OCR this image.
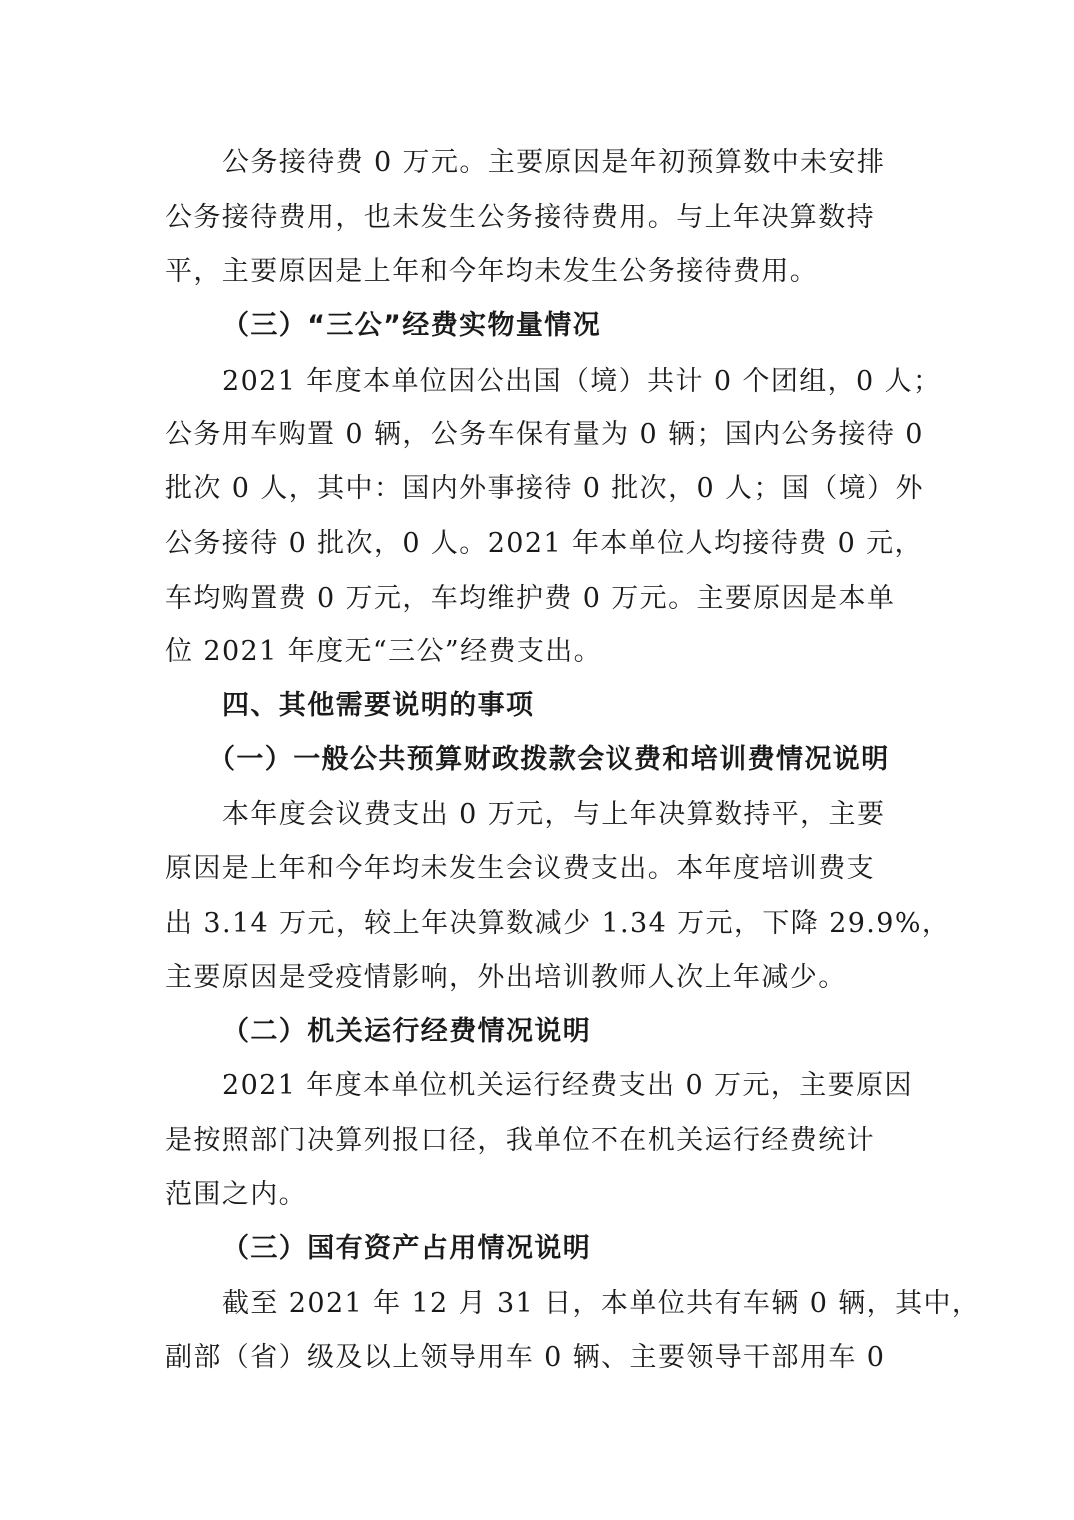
公务接待费 0 万元。主要原因是年初预算数中未安排

公务接待费用，也未发生公务接待费用。与上年决算数持

平，主要原因是上年和今年均未发生公务接待费用。

（三）“三公”经费实物量情况

2021 年度本单位因公出国（境）共计 0 个团组，0 人；

公务用车购置 0 辆，公务车保有量为 0 辆；国内公务接待 0

批次 0 人，其中：国内外事接待 0 批次，0 人；国（境）外

公务接待 0 批次，0 人。2021 年本单位人均接待费 0 元，

车均购置费 0 万元，车均维护费 0 万元。主要原因是本单

位 2021 年度无“三公”经费支出。

四、其他需要说明的事项

（一）一般公共预算财政拨款会议费和培训费情况说明

本年度会议费支出 0 万元，与上年决算数持平，主要

原因是上年和今年均未发生会议费支出。本年度培训费支

出 3.14 万元，较上年决算数减少 1.34 万元，下降 29.9%，

主要原因是受疫情影响，外出培训教师人次上年减少。

（二）机关运行经费情况说明

2021 年度本单位机关运行经费支出 0 万元，主要原因

是按照部门决算列报口径，我单位不在机关运行经费统计

范围之内。

（三）国有资产占用情况说明

截至 2021 年 12 月 31 日，本单位共有车辆 0 辆，其中，

副部（省）级及以上领导用车 0 辆、主要领导干部用车 0
